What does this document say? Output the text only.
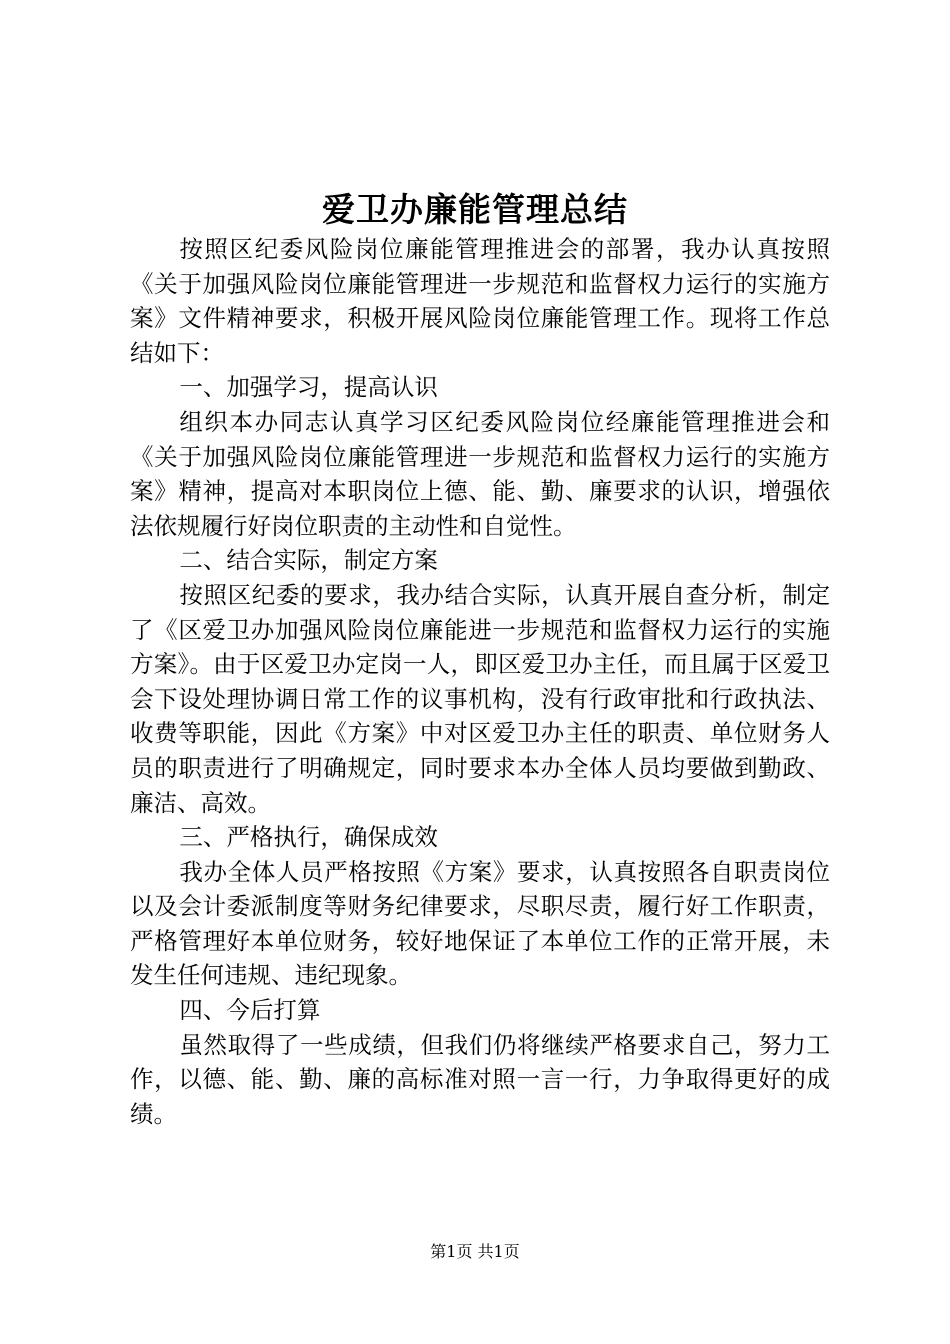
爱卫办廉能管理总结

按照区纪委风险岗位廉能管理推进会的部署，我办认真按照《关于加强风险岗位廉能管理进一步规范和监督权力运行的实施方案》文件精神要求，积极开展风险岗位廉能管理工作。现将工作总结如下：

一、加强学习，提高认识

组织本办同志认真学习区纪委风险岗位经廉能管理推进会和《关于加强风险岗位廉能管理进一步规范和监督权力运行的实施方案》精神，提高对本职岗位上德、能、勤、廉要求的认识，增强依法依规履行好岗位职责的主动性和自觉性。

二、结合实际，制定方案

按照区纪委的要求，我办结合实际，认真开展自查分析，制定了《区爱卫办加强风险岗位廉能进一步规范和监督权力运行的实施方案》。由于区爱卫办定岗一人，即区爱卫办主任，而且属于区爱卫会下设处理协调日常工作的议事机构，没有行政审批和行政执法、收费等职能，因此《方案》中对区爱卫办主任的职责、单位财务人员的职责进行了明确规定，同时要求本办全体人员均要做到勤政、廉洁、高效。

三、严格执行，确保成效

我办全体人员严格按照《方案》要求，认真按照各自职责岗位以及会计委派制度等财务纪律要求，尽职尽责，履行好工作职责，严格管理好本单位财务，较好地保证了本单位工作的正常开展，未发生任何违规、违纪现象。

四、今后打算

虽然取得了一些成绩，但我们仍将继续严格要求自己，努力工作，以德、能、勤、廉的高标准对照一言一行，力争取得更好的成绩。

第1页 共1页
